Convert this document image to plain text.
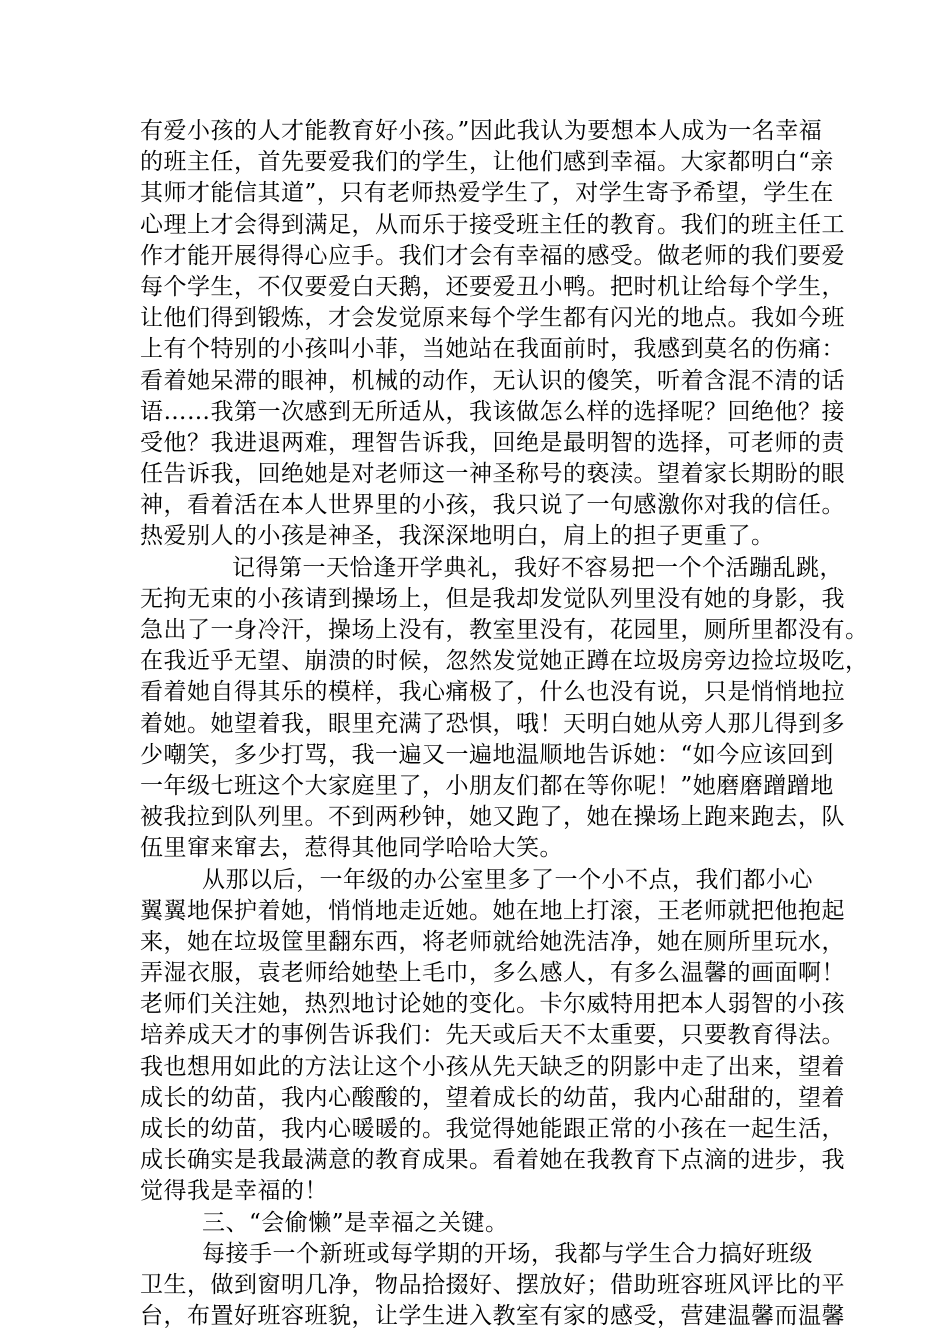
有爱小孩的人才能教育好小孩。”因此我认为要想本人成为一名幸福
的班主任，首先要爱我们的学生，让他们感到幸福。大家都明白“亲
其师才能信其道”，只有老师热爱学生了，对学生寄予希望，学生在
心理上才会得到满足，从而乐于接受班主任的教育。我们的班主任工
作才能开展得得心应手。我们才会有幸福的感受。做老师的我们要爱
每个学生，不仅要爱白天鹅，还要爱丑小鸭。把时机让给每个学生，
让他们得到锻炼，才会发觉原来每个学生都有闪光的地点。我如今班
上有个特别的小孩叫小菲，当她站在我面前时，我感到莫名的伤痛：
看着她呆滞的眼神，机械的动作，无认识的傻笑，听着含混不清的话
语……我第一次感到无所适从，我该做怎么样的选择呢？回绝他？接
受他？我进退两难，理智告诉我，回绝是最明智的选择，可老师的责
任告诉我，回绝她是对老师这一神圣称号的亵渎。望着家长期盼的眼
神，看着活在本人世界里的小孩，我只说了一句感激你对我的信任。
热爱别人的小孩是神圣，我深深地明白，肩上的担子更重了。
记得第一天恰逢开学典礼，我好不容易把一个个活蹦乱跳，
无拘无束的小孩请到操场上，但是我却发觉队列里没有她的身影，我
急出了一身冷汗，操场上没有，教室里没有，花园里，厕所里都没有。
在我近乎无望、崩溃的时候，忽然发觉她正蹲在垃圾房旁边捡垃圾吃，
看着她自得其乐的模样，我心痛极了，什么也没有说，只是悄悄地拉
着她。她望着我，眼里充满了恐惧，哦！天明白她从旁人那儿得到多
少嘲笑，多少打骂，我一遍又一遍地温顺地告诉她：“如今应该回到
一年级七班这个大家庭里了，小朋友们都在等你呢！”她磨磨蹭蹭地
被我拉到队列里。不到两秒钟，她又跑了，她在操场上跑来跑去，队
伍里窜来窜去，惹得其他同学哈哈大笑。
从那以后，一年级的办公室里多了一个小不点，我们都小心
翼翼地保护着她，悄悄地走近她。她在地上打滚，王老师就把他抱起
来，她在垃圾筐里翻东西，将老师就给她洗洁净，她在厕所里玩水，
弄湿衣服，袁老师给她垫上毛巾，多么感人，有多么温馨的画面啊！
老师们关注她，热烈地讨论她的变化。卡尔威特用把本人弱智的小孩
培养成天才的事例告诉我们：先天或后天不太重要，只要教育得法。
我也想用如此的方法让这个小孩从先天缺乏的阴影中走了出来，望着
成长的幼苗，我内心酸酸的，望着成长的幼苗，我内心甜甜的，望着
成长的幼苗，我内心暖暖的。我觉得她能跟正常的小孩在一起生活，
成长确实是我最满意的教育成果。看着她在我教育下点滴的进步，我
觉得我是幸福的！
三、“会偷懒”是幸福之关键。
每接手一个新班或每学期的开场，我都与学生合力搞好班级
卫生，做到窗明几净，物品拾掇好、摆放好；借助班容班风评比的平
台，布置好班容班貌，让学生进入教室有家的感受，营建温馨而温馨
